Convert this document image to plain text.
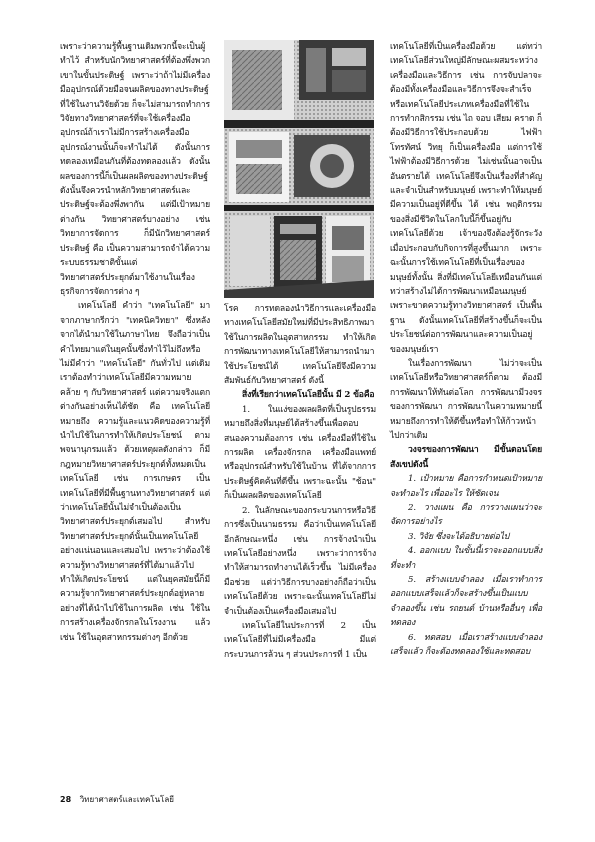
เพราะว่าความรู้พื้นฐานเดิมพวกนี้จะเป็นผู้ทำไว้ สำหรับนักวิทยาศาสตร์ที่ต้องพึ่งพวกเขาในขั้นประดิษฐ์ เพราะว่าถ้าไม่มีเครื่องมืออุปกรณ์ด้วยมือจนผลิตของทางประดิษฐ์ที่ใช้ในงานวิจัยด้วย ก็จะไม่สามารถทำการวิจัยทางวิทยาศาสตร์ที่จะใช้เครื่องมืออุปกรณ์ถ้าเราไม่มีการสร้างเครื่องมืออุปกรณ์งานนั้นก็จะทำไม่ได้ ดังนั้นการทดลองเหมือนกันที่ต้องทดลองแล้ว ดังนั้นผลของการนี้ก็เป็นผลผลิตของทางประดิษฐ์ ดังนั้นจึงควรนำหลักวิทยาศาสตร์และประดิษฐ์จะต้องพึ่งพากัน แต่มีเป้าหมายต่างกัน วิทยาศาสตร์บางอย่าง เช่น วิทยาการจัดการ ก็มีนักวิทยาศาสตร์ประดิษฐ์ คือ เป็นความสามารถจำได้ความระบบธรรมชาติขั้นแต่วิทยาศาสตร์ประยุกต์มาใช้งานในเรื่องธุรกิจการจัดการต่าง ๆ

เทคโนโลยี คำว่า "เทคโนโลยี" มาจากภาษากรีกว่า "เทคนิควิทยา" ซึ่งหลังจากได้นำมาใช้ในภาษาไทย จึงถือว่าเป็นคำไทยมาแต่ในยุคนั้นซึ่งทำไว้ไม่ถึงหรือไม่มีคำว่า "เทคโนโลยี" กันทั่วไป แต่เดิมเราต้องทำว่าเทคโนโลยีมีความหมายคล้าย ๆ กับวิทยาศาสตร์ แต่ความจริงแตกต่างกันอย่างเห็นได้ชัด คือ เทคโนโลยีหมายถึง ความรู้และแนวคิดของความรู้ที่นำไปใช้ในการทำให้เกิดประโยชน์ ตามพจนานุกรมแล้ว ด้วยเหตุผลดังกล่าว ก็มีกฎหมายวิทยาศาสตร์ประยุกต์ทั้งหมดเป็นเทคโนโลยี เช่น การเกษตร เป็นเทคโนโลยีที่มีพื้นฐานทางวิทยาศาสตร์ แต่ว่าเทคโนโลยีนั้นไม่จำเป็นต้องเป็นวิทยาศาสตร์ประยุกต์เสมอไป สำหรับวิทยาศาสตร์ประยุกต์นั้นเป็นเทคโนโลยีอย่างแน่นอนและเสมอไป เพราะว่าต้องใช้ความรู้ทางวิทยาศาสตร์ที่ได้มาแล้วไปทำให้เกิดประโยชน์ แต่ในยุคสมัยนี้ก็มีความรู้จากวิทยาศาสตร์ประยุกต์อยู่หลายอย่างที่ได้นำไปใช้ในการผลิต เช่น ใช้ในการสร้างเครื่องจักรกลในโรงงาน แล้ว เช่น ใช้ในอุตสาหกรรมต่างๆ อีกด้วย

โรค การทดลองนำวิธีการและเครื่องมือทางเทคโนโลยีสมัยใหม่ที่มีประสิทธิภาพมาใช้ในการผลิตในอุตสาหกรรม ทำให้เกิดการพัฒนาทางเทคโนโลยีให้สามารถนำมาใช้ประโยชน์ได้ เทคโนโลยีจึงมีความสัมพันธ์กับวิทยาศาสตร์ ดังนี้

สิ่งที่เรียกว่าเทคโนโลยีนั้น มี 2 ข้อคือ

1. ในแง่ของผลผลิตที่เป็นรูปธรรม หมายถึงสิ่งที่มนุษย์ได้สร้างขึ้นเพื่อตอบสนองความต้องการ เช่น เครื่องมือที่ใช้ในการผลิต เครื่องจักรกล เครื่องมือแพทย์ หรืออุปกรณ์สำหรับใช้ในบ้าน ที่ได้จากการประดิษฐ์คิดค้นที่ดีขึ้น เพราะฉะนั้น "ช้อน" ก็เป็นผลผลิตของเทคโนโลยี

2. ในลักษณะของกระบวนการหรือวิธีการซึ่งเป็นนามธรรม คือว่าเป็นเทคโนโลยีอีกลักษณะหนึ่ง เช่น การจ้างนำเป็นเทคโนโลยีอย่างหนึ่ง เพราะว่าการจ้างทำให้สามารถทำงานได้เร็วขึ้น ไม่มีเครื่องมือช่วย แต่ว่าวิธีการบางอย่างก็ถือว่าเป็นเทคโนโลยีด้วย เพราะฉะนั้นเทคโนโลยีไม่จำเป็นต้องเป็นเครื่องมือเสมอไป

เทคโนโลยีในประการที่ 2 เป็นเทคโนโลยีที่ไม่มีเครื่องมือ มีแต่กระบวนการล้วน ๆ ส่วนประการที่ 1 เป็น

เทคโนโลยีที่เป็นเครื่องมือด้วย แต่ทว่าเทคโนโลยีส่วนใหญ่มีลักษณะผสมระหว่างเครื่องมือและวิธีการ เช่น การจับปลาจะต้องมีทั้งเครื่องมือและวิธีการจึงจะสำเร็จ หรือเทคโนโลยีประเภทเครื่องมือที่ใช้ในการทำกสิกรรม เช่น ไถ จอบ เสียม คราด ก็ต้องมีวิธีการใช้ประกอบด้วย ไฟฟ้า โทรทัศน์ วิทยุ ก็เป็นเครื่องมือ แต่การใช้ไฟฟ้าต้องมีวิธีการด้วย ไม่เช่นนั้นอาจเป็นอันตรายได้ เทคโนโลยีจึงเป็นเรื่องที่สำคัญและจำเป็นสำหรับมนุษย์ เพราะทำให้มนุษย์มีความเป็นอยู่ที่ดีขึ้น ได้ เช่น พฤติกรรมของสิ่งมีชีวิตในโลกใบนี้ก็ขึ้นอยู่กับเทคโนโลยีด้วย เจ้าของจึงต้องรู้จักระวัง เมื่อประกอบกับกิจการที่สูงขึ้นมาก เพราะฉะนั้นการใช้เทคโนโลยีที่เป็นเรื่องของมนุษย์ทั้งนั้น สิ่งที่มีเทคโนโลยีเหมือนกันแต่ทว่าสร้างไม่ได้การพัฒนาเหมือนมนุษย์ เพราะขาดความรู้ทางวิทยาศาสตร์ เป็นพื้นฐาน ดังนั้นเทคโนโลยีที่สร้างขึ้นก็จะเป็นประโยชน์ต่อการพัฒนาและความเป็นอยู่ของมนุษย์เรา

ในเรื่องการพัฒนา ไม่ว่าจะเป็นเทคโนโลยีหรือวิทยาศาสตร์ก็ตาม ต้องมีการพัฒนาให้ทันต่อโลก การพัฒนามีวงจรของการพัฒนา การพัฒนาในความหมายนี้หมายถึงการทำให้ดีขึ้นหรือทำให้ก้าวหน้าไปกว่าเดิม

วงจรของการพัฒนา มีขั้นตอนโดยสังเขปดังนี้

1. เป้าหมาย คือการกำหนดเป้าหมาย จะทำอะไร เพื่ออะไร ให้ชัดเจน

2. วางแผน คือ การวางแผนว่าจะจัดการอย่างไร

3. วิจัย ซึ่งจะได้อธิบายต่อไป

4. ออกแบบ ในขั้นนี้เราจะออกแบบสิ่งที่จะทำ

5. สร้างแบบจำลอง เมื่อเราทำการออกแบบเสร็จแล้วก็จะสร้างขึ้นเป็นแบบจำลองขึ้น เช่น รถยนต์ บ้านหรืออื่นๆ เพื่อทดลอง

6. ทดสอบ เมื่อเราสร้างแบบจำลองเสร็จแล้ว ก็จะต้องทดลองใช้และทดสอบ

28 วิทยาศาสตร์และเทคโนโลยี
